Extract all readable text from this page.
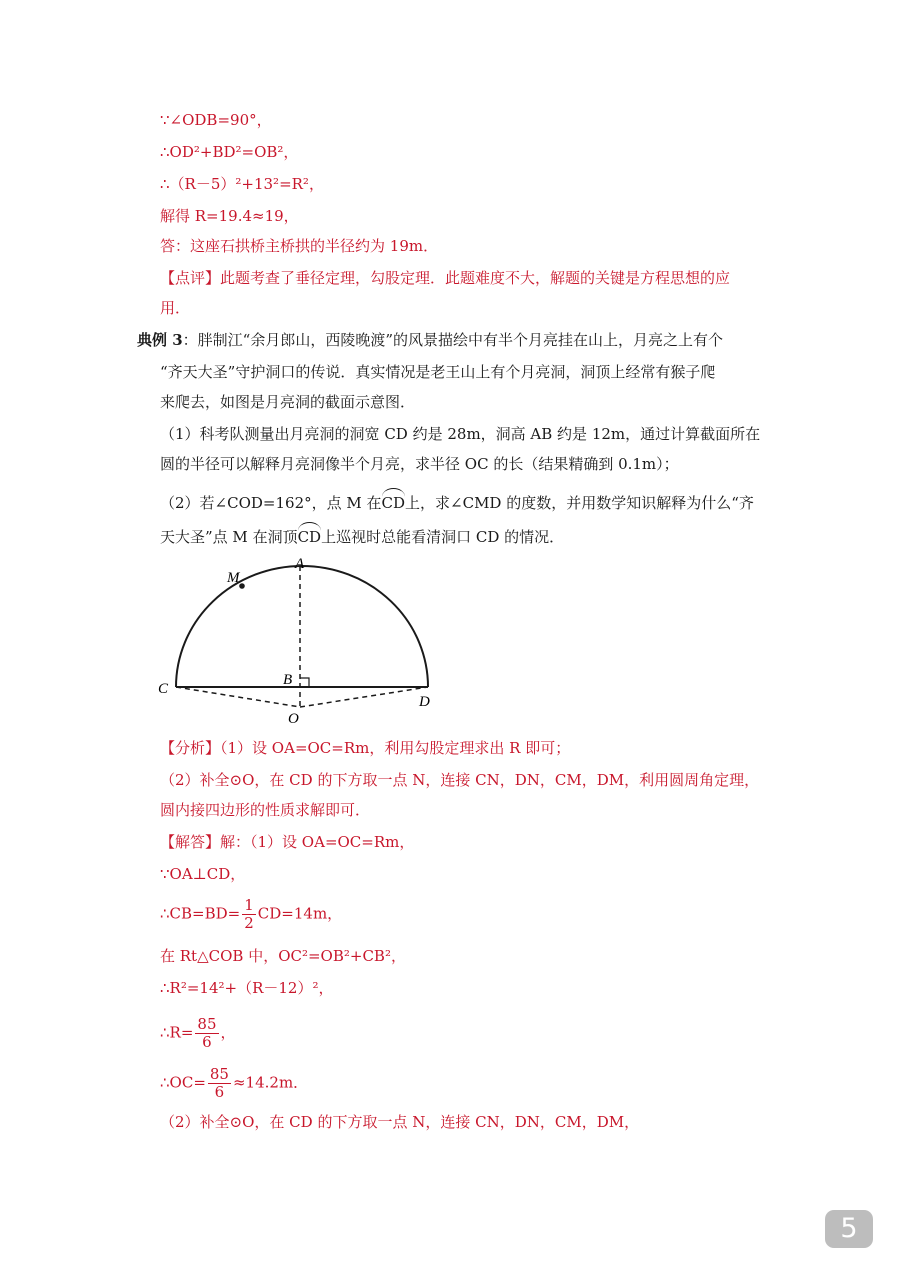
∵∠ODB=90°，
∴OD²+BD²=OB²，
∴（R－5）²+13²=R²，
解得 R=19.4≈19，
答：这座石拱桥主桥拱的半径约为 19m．
【点评】此题考查了垂径定理，勾股定理．此题难度不大，解题的关键是方程思想的应
用．
典例 3：胖制江“余月郎山，西陵晚渡”的风景描绘中有半个月亮挂在山上，月亮之上有个
“齐天大圣”守护洞口的传说．真实情况是老王山上有个月亮洞，洞顶上经常有猴子爬
来爬去，如图是月亮洞的截面示意图．
（1）科考队测量出月亮洞的洞宽 CD 约是 28m，洞高 AB 约是 12m，通过计算截面所在
圆的半径可以解释月亮洞像半个月亮，求半径 OC 的长（结果精确到 0.1m）；
（2）若∠COD=162°，点 M 在CD上，求∠CMD 的度数，并用数学知识解释为什么“齐
天大圣”点 M 在洞顶CD上巡视时总能看清洞口 CD 的情况．
M
A
B
C
D
O
【分析】（1）设 OA=OC=Rm，利用勾股定理求出 R 即可；
（2）补全⊙O，在 CD 的下方取一点 N，连接 CN，DN，CM，DM，利用圆周角定理，
圆内接四边形的性质求解即可．
【解答】解：（1）设 OA=OC=Rm，
∵OA⊥CD，
∴CB=BD= $\frac{1}{2} CD=14m$，
在 Rt△COB 中，OC²=OB²+CB²，
∴R²=14²+（R－12）²，
∴R= $\frac{85}{6}$ ，
∴OC= $\frac{85}{6} \approx 14.2m$．
（2）补全⊙O，在 CD 的下方取一点 N，连接 CN，DN，CM，DM，
5
